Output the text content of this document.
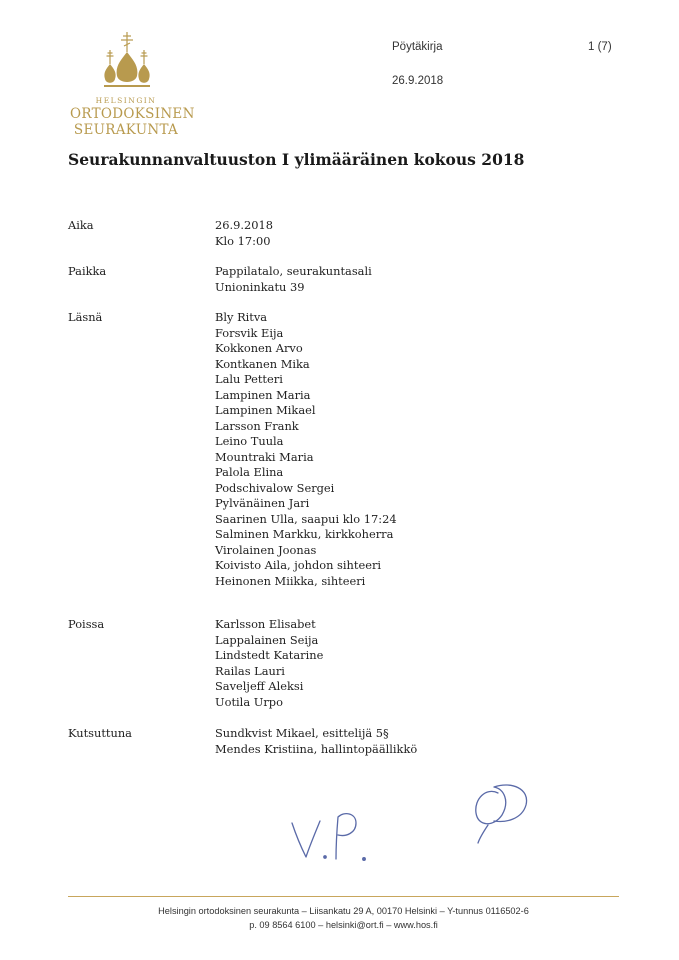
HELSINGIN
ORTODOKSINEN
SEURAKUNTA
Pöytäkirja	1 (7)
26.9.2018
Seurakunnanvaltuuston I ylimääräinen kokous 2018
Aika	26.9.2018
Klo 17:00
Paikka	Pappilatalo, seurakuntasali
Unioninkatu 39
Läsnä	Bly Ritva
Forsvik Eija
Kokkonen Arvo
Kontkanen Mika
Lalu Petteri
Lampinen Maria
Lampinen Mikael
Larsson Frank
Leino Tuula
Mountraki Maria
Palola Elina
Podschivalow Sergei
Pylvänäinen Jari
Saarinen Ulla, saapui klo 17:24
Salminen Markku, kirkkoherra
Virolainen Joonas
Koivisto Aila, johdon sihteeri
Heinonen Miikka, sihteeri
Poissa	Karlsson Elisabet
Lappalainen Seija
Lindstedt Katarine
Railas Lauri
Saveljeff Aleksi
Uotila Urpo
Kutsuttuna	Sundkvist Mikael, esittelijä 5§
Mendes Kristiina, hallintopäällikkö
Helsingin ortodoksinen seurakunta – Liisankatu 29 A, 00170 Helsinki – Y-tunnus 0116502-6
p. 09 8564 6100 – helsinki@ort.fi – www.hos.fi
